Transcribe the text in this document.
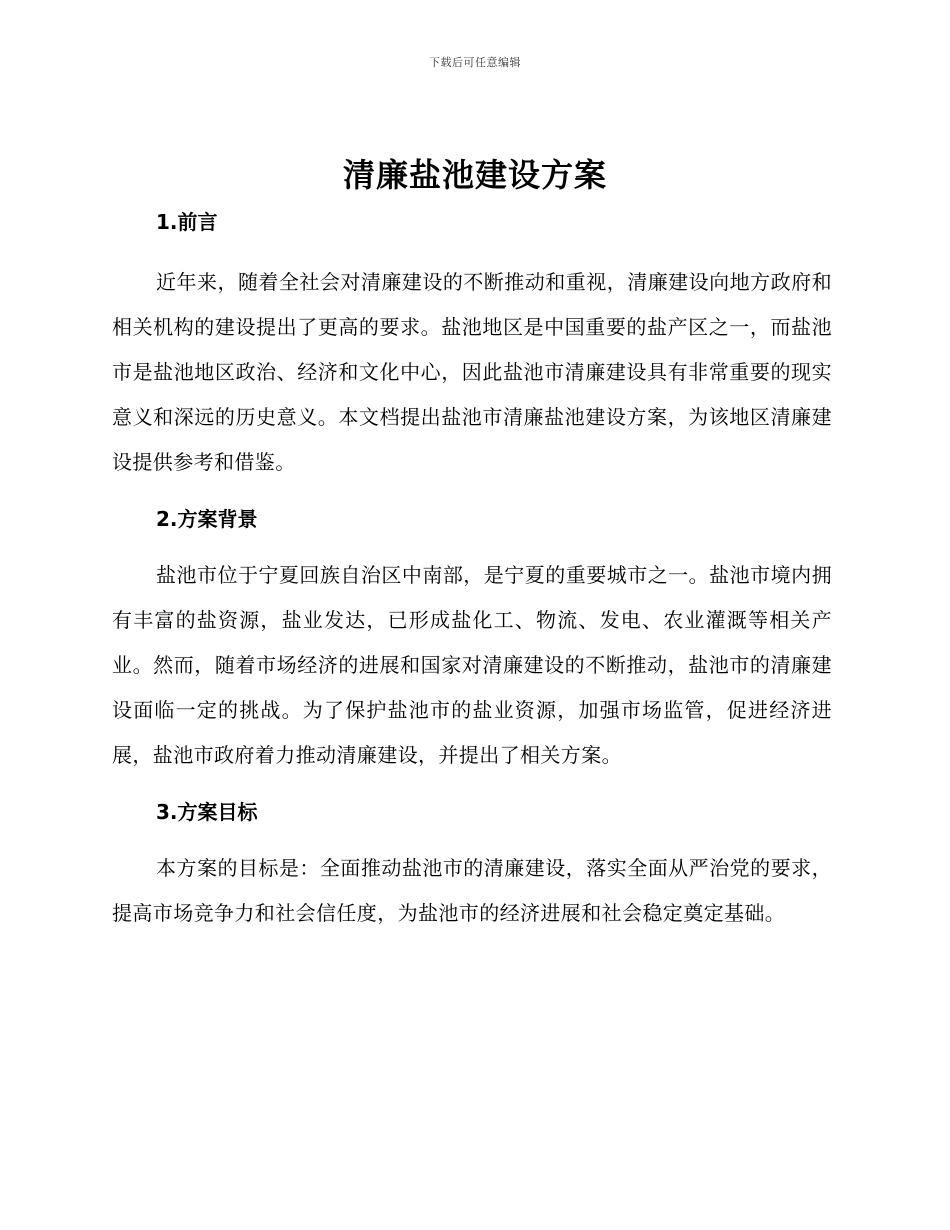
下载后可任意编辑
清廉盐池建设方案
1.前言

近年来，随着全社会对清廉建设的不断推动和重视，清廉建设向地方政府和相关机构的建设提出了更高的要求。盐池地区是中国重要的盐产区之一，而盐池市是盐池地区政治、经济和文化中心，因此盐池市清廉建设具有非常重要的现实意义和深远的历史意义。本文档提出盐池市清廉盐池建设方案，为该地区清廉建设提供参考和借鉴。

2.方案背景

盐池市位于宁夏回族自治区中南部，是宁夏的重要城市之一。盐池市境内拥有丰富的盐资源，盐业发达，已形成盐化工、物流、发电、农业灌溉等相关产业。然而，随着市场经济的进展和国家对清廉建设的不断推动，盐池市的清廉建设面临一定的挑战。为了保护盐池市的盐业资源，加强市场监管，促进经济进展，盐池市政府着力推动清廉建设，并提出了相关方案。

3.方案目标

本方案的目标是：全面推动盐池市的清廉建设，落实全面从严治党的要求，提高市场竞争力和社会信任度，为盐池市的经济进展和社会稳定奠定基础。
